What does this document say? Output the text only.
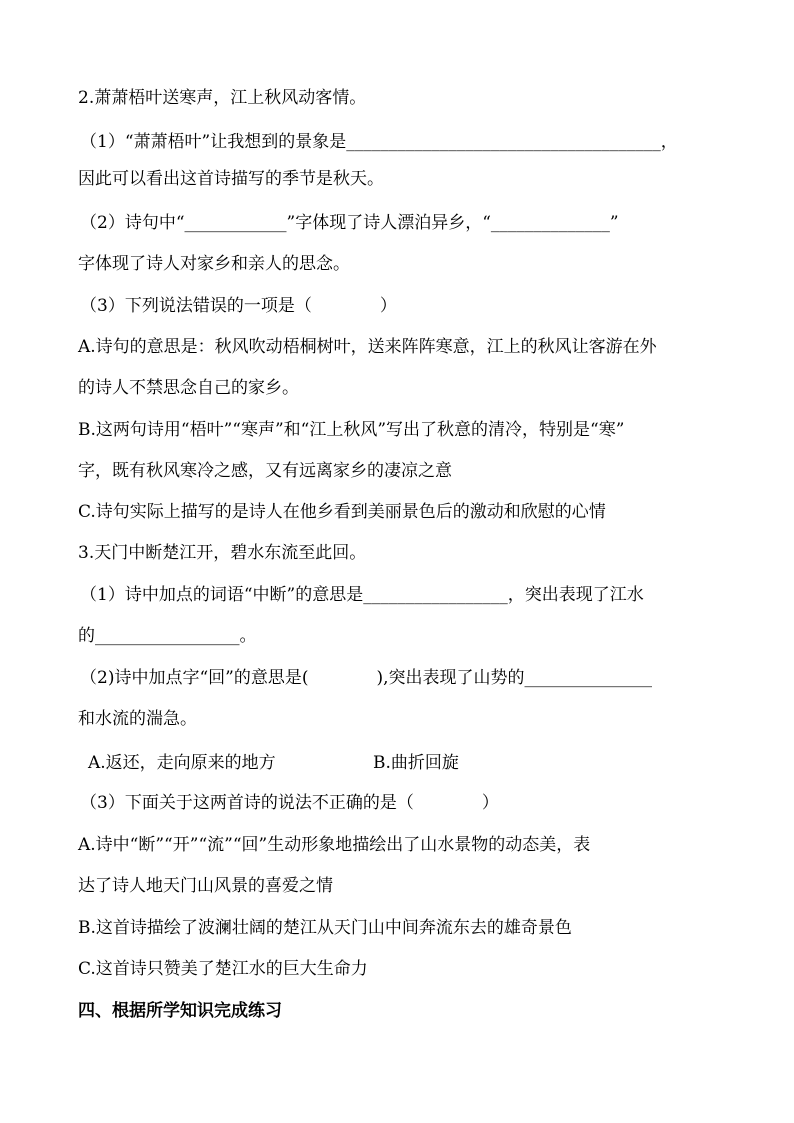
2.萧萧梧叶送寒声，江上秋风动客情。
（1）“萧萧梧叶”让我想到的景象是_____________________________________，
因此可以看出这首诗描写的季节是秋天。
（2）诗句中“____________”字体现了诗人漂泊异乡，“______________”
字体现了诗人对家乡和亲人的思念。
（3）下列说法错误的一项是（　　　　）
A.诗句的意思是：秋风吹动梧桐树叶，送来阵阵寒意，江上的秋风让客游在外
的诗人不禁思念自己的家乡。
B.这两句诗用“梧叶”“寒声”和“江上秋风”写出了秋意的清冷，特别是“寒”
字，既有秋风寒冷之感，又有远离家乡的凄凉之意
C.诗句实际上描写的是诗人在他乡看到美丽景色后的激动和欣慰的心情
3.天门中断楚江开，碧水东流至此回。
（1）诗中加点的词语“中断”的意思是_________________，突出表现了江水
的_________________。
（2)诗中加点字“回”的意思是(　　　　),突出表现了山势的_______________
和水流的湍急。
A.返还，走向原来的地方	B.曲折回旋
（3）下面关于这两首诗的说法不正确的是（　　　　）
A.诗中“断”“开”“流”“回”生动形象地描绘出了山水景物的动态美，表
达了诗人地天门山风景的喜爱之情
B.这首诗描绘了波澜壮阔的楚江从天门山中间奔流东去的雄奇景色
C.这首诗只赞美了楚江水的巨大生命力
四、根据所学知识完成练习
